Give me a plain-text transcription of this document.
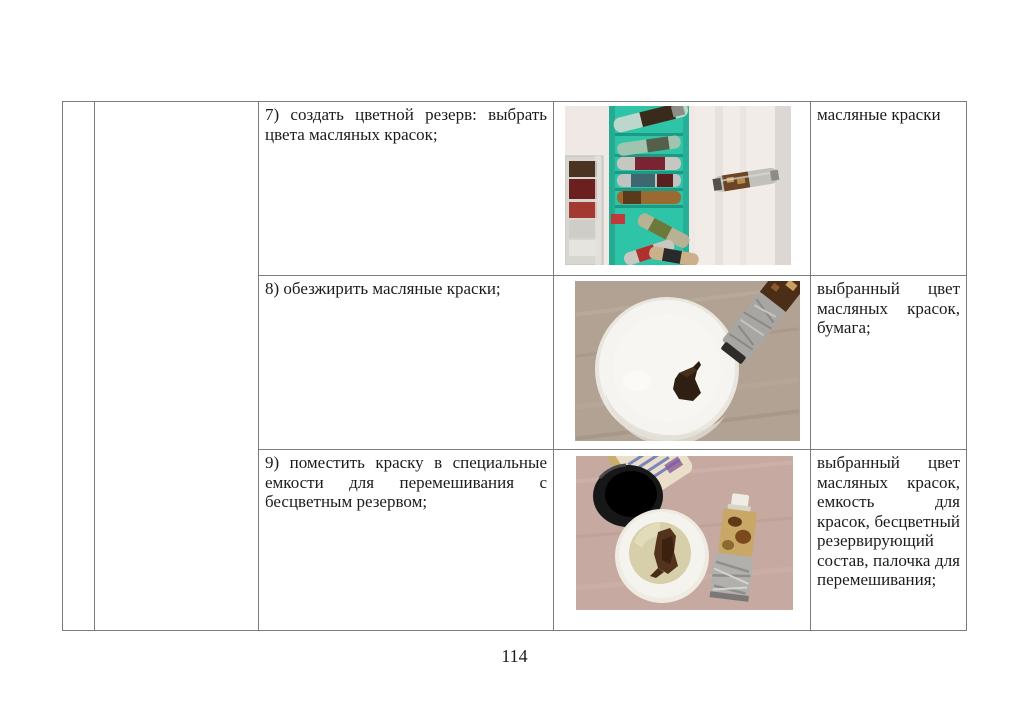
7) создать цветной резерв: выбрать цвета масляных красок;
масляные краски
8) обезжирить масляные краски;	выбранный цвет масляных красок, бумага;
9) поместить краску в специальные емкости для перемешивания с бесцветным резервом;
выбранный цвет масляных красок, емкость для красок, бесцветный резервирующий состав, палочка для перемешивания;
114
